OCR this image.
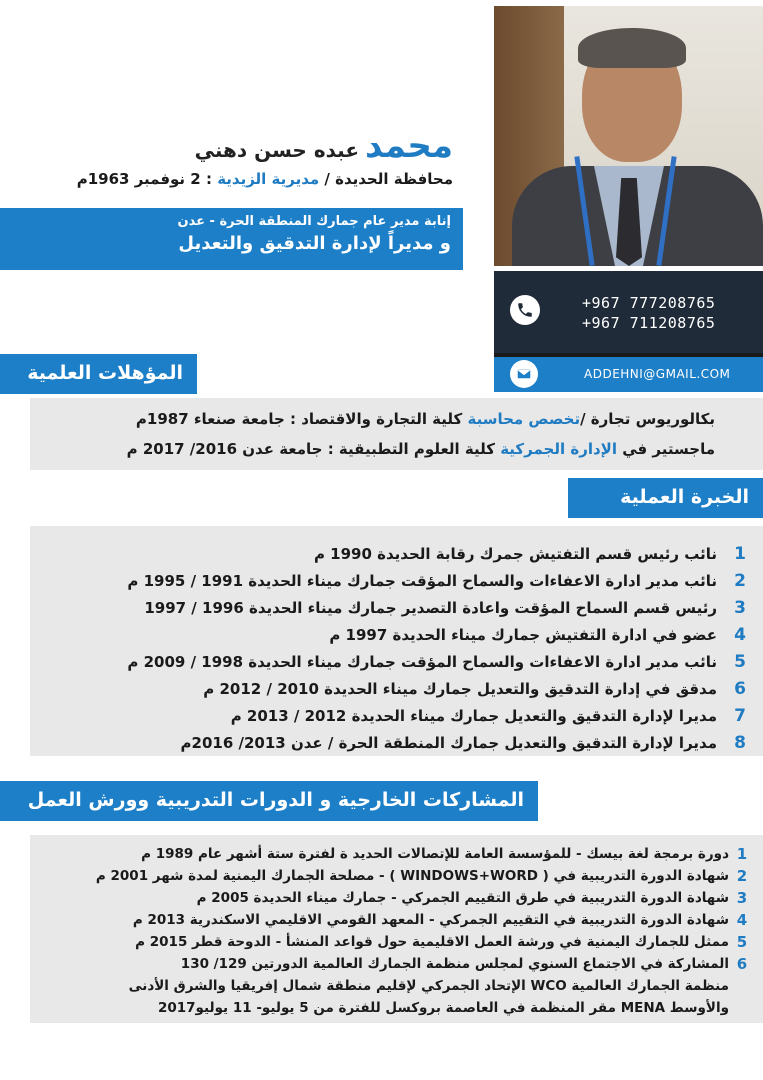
محمد
عبده حسن دهني
محافظة الحديدة / مديرية الزيدية : 2 نوفمبر 1963م
إنابة مدير عام جمارك المنطقة الحرة - عدن
و مديراً لإدارة التدقيق والتعديل
+967 777208765
+967 711208765
ADDEHNI@GMAIL.COM
المؤهلات العلمية
بكالوريوس تجارة /تخصص محاسبة كلية التجارة والاقتصاد : جامعة صنعاء 1987م
ماجستير في الإدارة الجمركية كلية العلوم التطبيقية : جامعة عدن 2016/ 2017 م
الخبرة العملية
1
نائب رئيس قسم التفتيش جمرك رقابة الحديدة 1990 م
2
نائب مدير ادارة الاعفاءات والسماح المؤقت جمارك ميناء الحديدة 1991 / 1995 م
3
رئيس قسم السماح المؤقت واعادة التصدير جمارك ميناء الحديدة 1996 / 1997
4
عضو في ادارة التفتيش جمارك ميناء الحديدة 1997 م
5
نائب مدير ادارة الاعفاءات والسماح المؤقت جمارك ميناء الحديدة 1998 / 2009 م
6
مدقق في إدارة التدقيق والتعديل جمارك ميناء الحديدة 2010 / 2012 م
7
مديرا لإدارة التدقيق والتعديل جمارك ميناء الحديدة 2012 / 2013 م
8
مديرا لإدارة التدقيق والتعديل جمارك المنطقة الحرة / عدن 2013/ 2016م
المشاركات الخارجية و الدورات التدريبية وورش العمل
1
دورة برمجة لغة بيسك - للمؤسسة العامة للإتصالات الحديد ة لفترة ستة أشهر عام 1989 م
2
شهادة الدورة التدريبية في ( WINDOWS+WORD ) - مصلحة الجمارك اليمنية لمدة شهر 2001 م
3
شهادة الدورة التدريبية في طرق التقييم الجمركي - جمارك ميناء الحديدة 2005 م
4
شهادة الدورة التدريبية في التقييم الجمركي - المعهد القومي الاقليمي الاسكندرية 2013 م
5
ممثل للجمارك اليمنية في ورشة العمل الاقليمية حول قواعد المنشأ - الدوحة قطر 2015 م
6
المشاركة في الاجتماع السنوي لمجلس منظمة الجمارك العالمية الدورتين 129/ 130
منظمة الجمارك العالمية WCO الإتحاد الجمركي لإقليم منطقة شمال إفريقيا والشرق الأدنى
والأوسط MENA مقر المنظمة في العاصمة بروكسل للفترة من 5 يوليو- 11 يوليو2017
